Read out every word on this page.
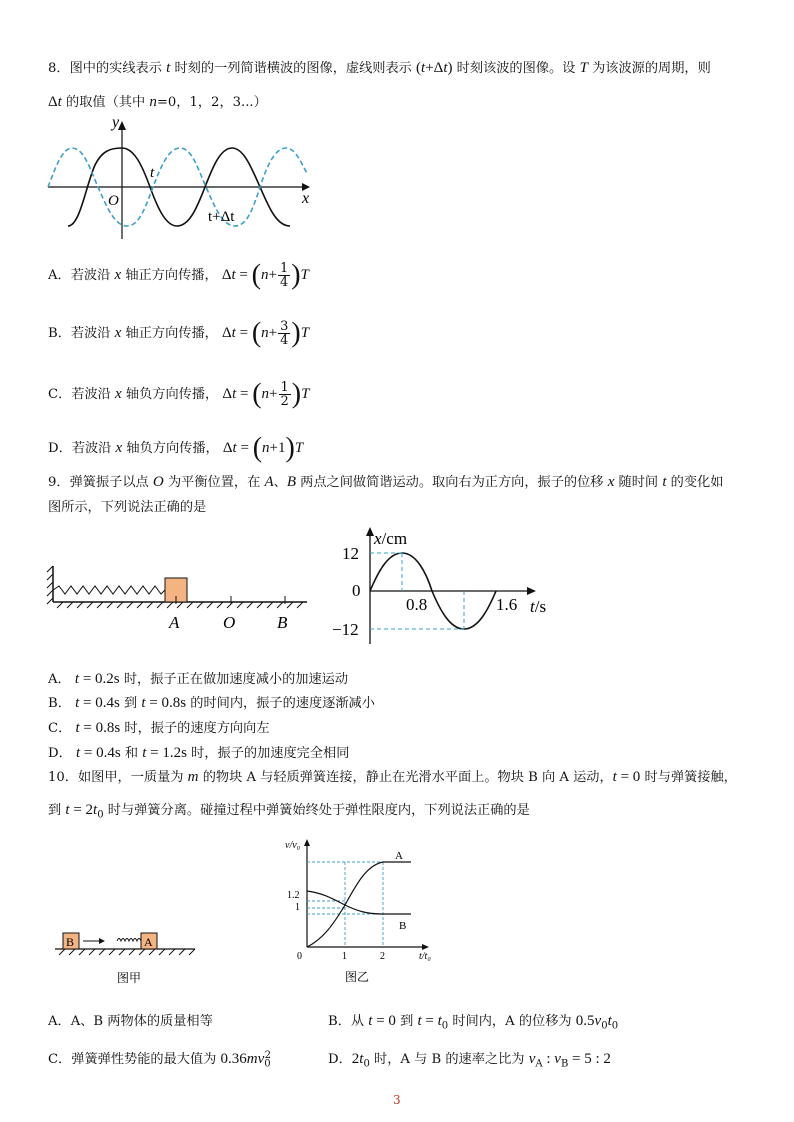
8．图中的实线表示 t 时刻的一列简谐横波的图像，虚线则表示 (t+Δt) 时刻该波的图像。设 T 为该波源的周期，则
Δt 的取值（其中 n=0，1，2，3...）
y
x
O
t
t+Δt
A．若波沿 x 轴正方向传播， $\Delta t = (n+ \frac{1}{4} )T$
B．若波沿 x 轴正方向传播， $\Delta t = (n+ \frac{3}{4} )T$
C．若波沿 x 轴负方向传播， $\Delta t = (n+ \frac{1}{2} )T$
D．若波沿 x 轴负方向传播， Δt = (n+1)T
9．弹簧振子以点 O 为平衡位置，在 A、B 两点之间做简谐运动。取向右为正方向，振子的位移 x 随时间 t 的变化如
图所示，下列说法正确的是
A	O B
x/cm
12
0
−12
0.8	1.6 t/s
A． t = 0.2s 时，振子正在做加速度减小的加速运动
B． t = 0.4s 到 t = 0.8s 的时间内，振子的速度逐渐减小
C． t = 0.8s 时，振子的速度方向向左
D． t = 0.4s 和 t = 1.2s 时，振子的加速度完全相同
10．如图甲，一质量为 m 的物块 A 与轻质弹簧连接，静止在光滑水平面上。物块 B 向 A 运动，t = 0 时与弹簧接触，
到 $t = 2t_0$ 时与弹簧分离。碰撞过程中弹簧始终处于弹性限度内，下列说法正确的是
B	A
图甲
v/v₀
1.2
1
0	1	2	t/t₀
A
B
图乙
A．A、B 两物体的质量相等	B．从 t = 0 到 $t = t_0$ 时间内，A 的位移为 $0.5v_0t_0$
C．弹簧弹性势能的最大值为 $0.36mv_0^2$	D．$2t_0$ 时，A 与 B 的速率之比为 $v_A$ : $v_B = 5$ : 2
3
